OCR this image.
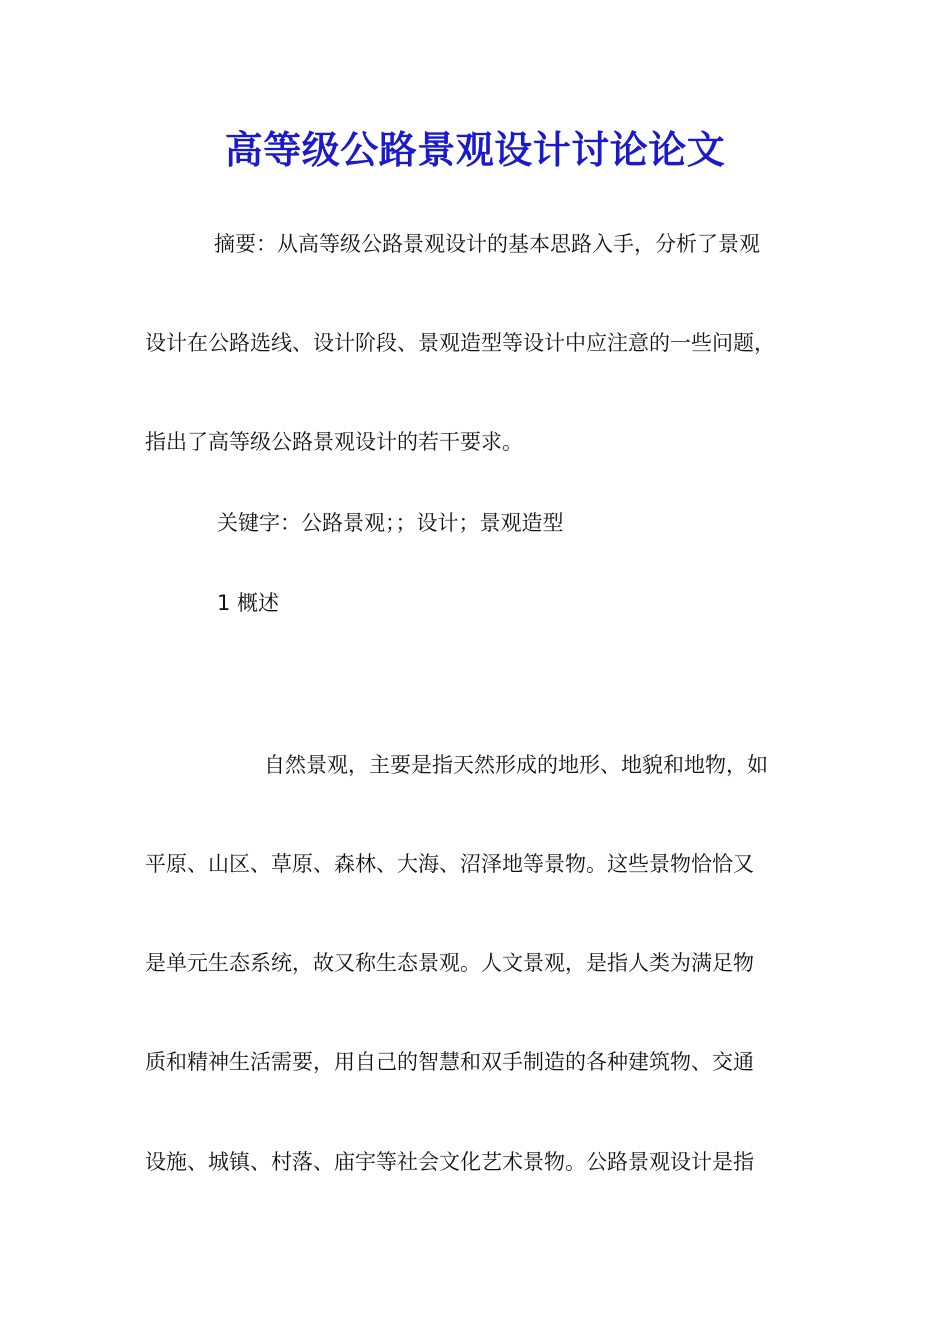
高等级公路景观设计讨论论文
摘要：从高等级公路景观设计的基本思路入手，分析了景观
设计在公路选线、设计阶段、景观造型等设计中应注意的一些问题，
指出了高等级公路景观设计的若干要求。
关键字：公路景观；；设计；景观造型
1 概述
自然景观，主要是指天然形成的地形、地貌和地物，如
平原、山区、草原、森林、大海、沼泽地等景物。这些景物恰恰又
是单元生态系统，故又称生态景观。人文景观，是指人类为满足物
质和精神生活需要，用自己的智慧和双手制造的各种建筑物、交通
设施、城镇、村落、庙宇等社会文化艺术景物。公路景观设计是指
